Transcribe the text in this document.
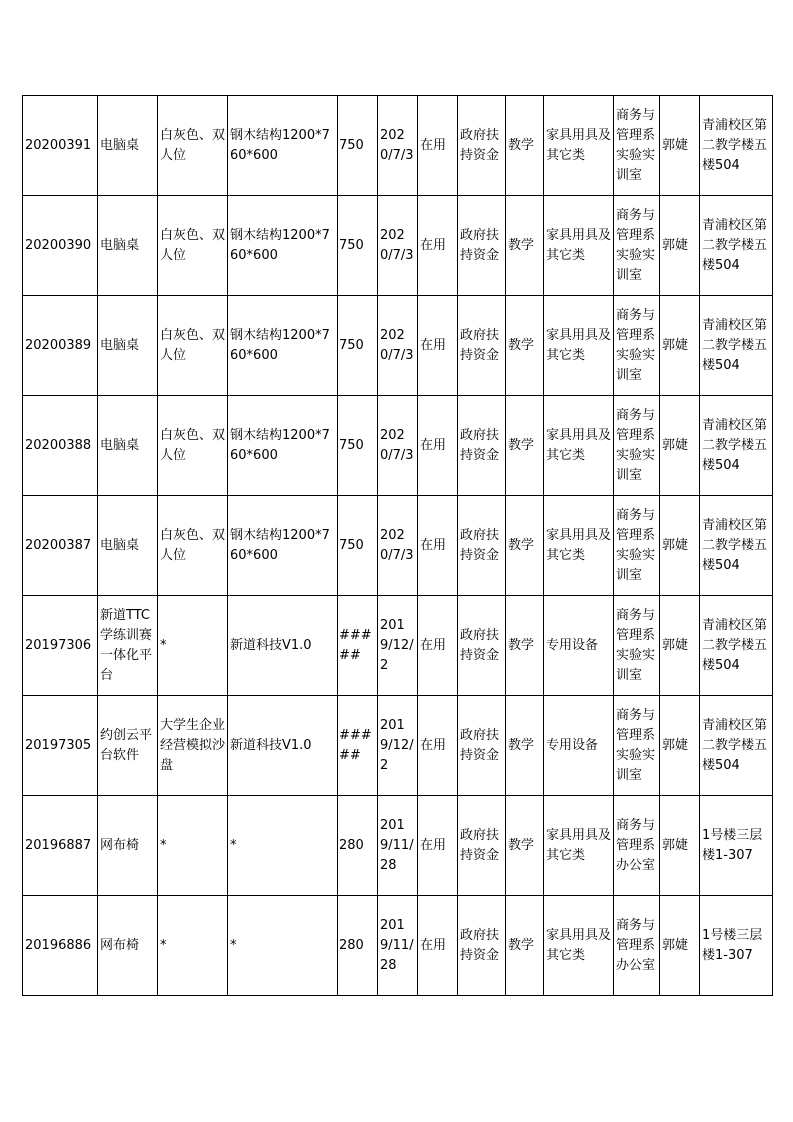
20200391	电脑桌	白灰色、双人位	钢木结构1200*760*600	750	2020/7/3	在用	政府扶持资金	教学	家具用具及其它类	商务与管理系实验实训室	郭婕	青浦校区第二教学楼五楼504
20200390	电脑桌	白灰色、双人位	钢木结构1200*760*600	750	2020/7/3	在用	政府扶持资金	教学	家具用具及其它类	商务与管理系实验实训室	郭婕	青浦校区第二教学楼五楼504
20200389	电脑桌	白灰色、双人位	钢木结构1200*760*600	750	2020/7/3	在用	政府扶持资金	教学	家具用具及其它类	商务与管理系实验实训室	郭婕	青浦校区第二教学楼五楼504
20200388	电脑桌	白灰色、双人位	钢木结构1200*760*600	750	2020/7/3	在用	政府扶持资金	教学	家具用具及其它类	商务与管理系实验实训室	郭婕	青浦校区第二教学楼五楼504
20200387	电脑桌	白灰色、双人位	钢木结构1200*760*600	750	2020/7/3	在用	政府扶持资金	教学	家具用具及其它类	商务与管理系实验实训室	郭婕	青浦校区第二教学楼五楼504
20197306	新道TTC学练训赛一体化平台	*	新道科技V1.0	#####	2019/12/2	在用	政府扶持资金	教学	专用设备	商务与管理系实验实训室	郭婕	青浦校区第二教学楼五楼504
20197305	约创云平台软件	大学生企业经营模拟沙盘	新道科技V1.0	#####	2019/12/2	在用	政府扶持资金	教学	专用设备	商务与管理系实验实训室	郭婕	青浦校区第二教学楼五楼504
20196887	网布椅	*	*	280	2019/11/28	在用	政府扶持资金	教学	家具用具及其它类	商务与管理系办公室	郭婕	1号楼三层楼1-307
20196886	网布椅	*	*	280	2019/11/28	在用	政府扶持资金	教学	家具用具及其它类	商务与管理系办公室	郭婕	1号楼三层楼1-307
